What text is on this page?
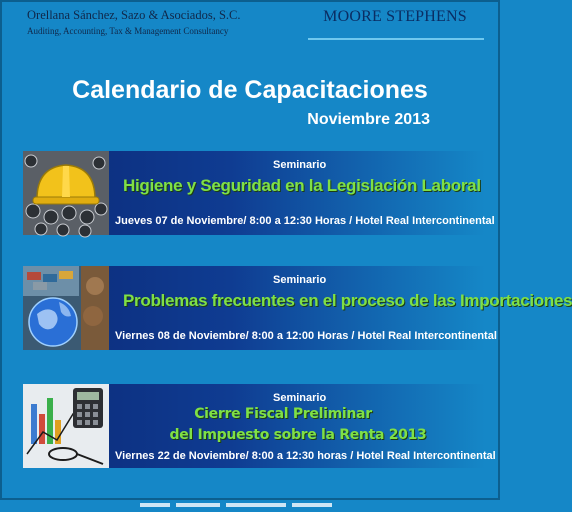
Orellana Sánchez, Sazo & Asociados, S.C.
Auditing, Accounting, Tax & Management Consultancy
MOORE STEPHENS
Calendario de Capacitaciones
Noviembre 2013
Seminario
Higiene y Seguridad en la Legislación Laboral
Jueves 07 de Noviembre/ 8:00 a 12:30 Horas / Hotel Real Intercontinental
Seminario
Problemas frecuentes en el proceso de las Importaciones
Viernes 08 de Noviembre/ 8:00 a 12:00 Horas / Hotel Real Intercontinental
Seminario
Cierre Fiscal Preliminar
del Impuesto sobre la Renta 2013
Viernes 22 de Noviembre/ 8:00 a 12:30 horas / Hotel Real Intercontinental
